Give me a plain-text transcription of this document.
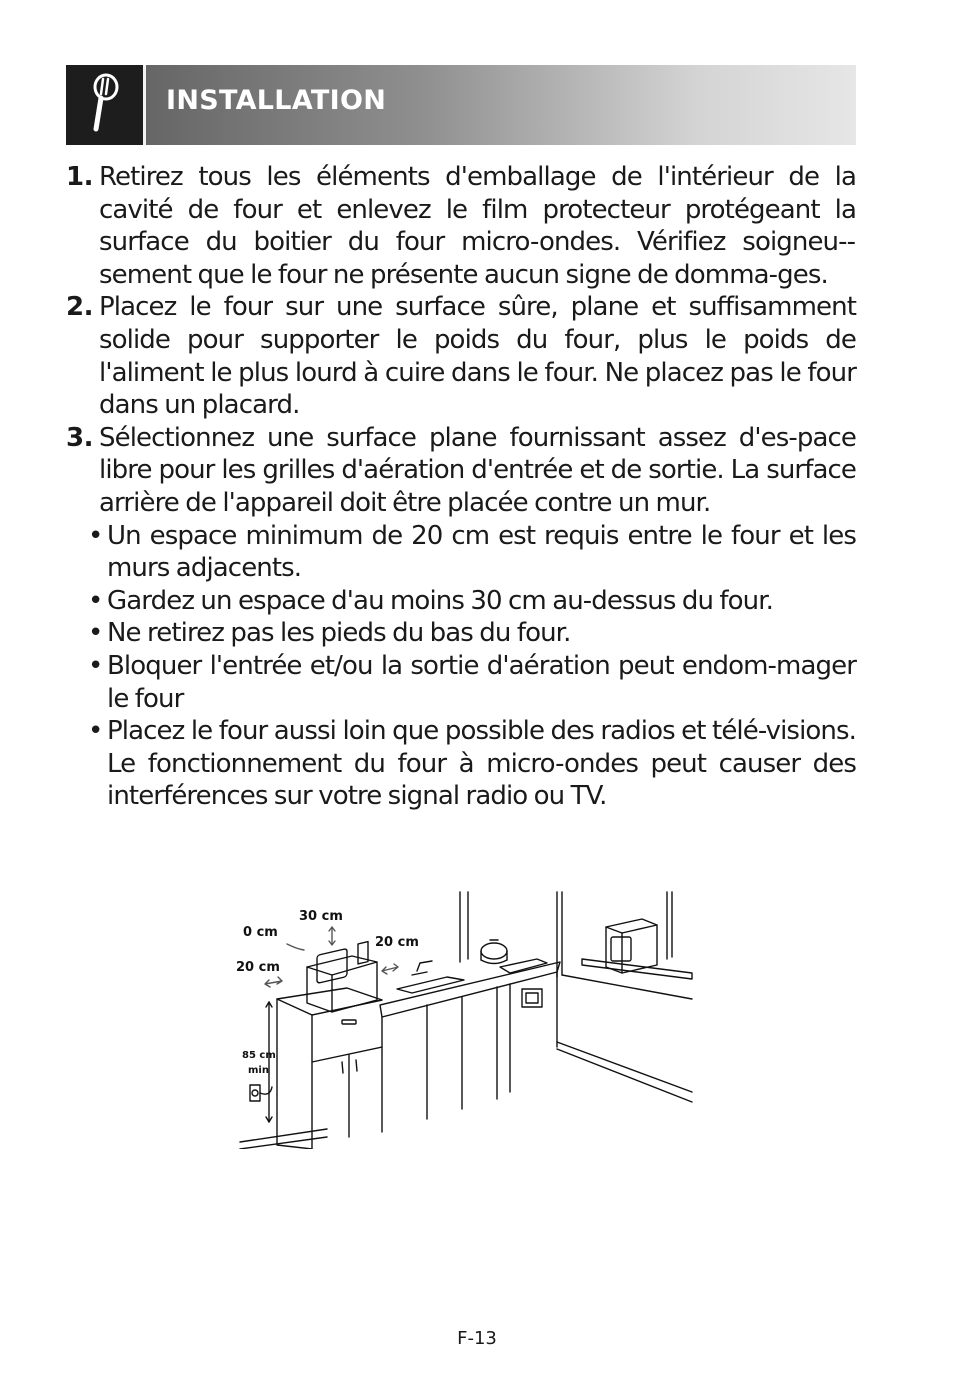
INSTALLATION
1. Retirez tous les éléments d'emballage de l'intérieur de la cavité de four et enlevez le film protecteur protégeant la surface du boitier du four micro-ondes. Vérifiez soigneu-sement que le four ne présente aucun signe de domma-ges.
2. Placez le four sur une surface sûre, plane et suffisamment solide pour supporter le poids du four, plus le poids de l'aliment le plus lourd à cuire dans le four. Ne placez pas le four dans un placard.
3. Sélectionnez une surface plane fournissant assez d'es-pace libre pour les grilles d'aération d'entrée et de sortie. La surface arrière de l'appareil doit être placée contre un mur.
• Un espace minimum de 20 cm est requis entre le four et les murs adjacents.
• Gardez un espace d'au moins 30 cm au-dessus du four.
• Ne retirez pas les pieds du bas du four.
• Bloquer l'entrée et/ou la sortie d'aération peut endom-mager le four
• Placez le four aussi loin que possible des radios et télé-visions. Le fonctionnement du four à micro-ondes peut causer des interférences sur votre signal radio ou TV.
30 cm
0 cm
20 cm
20 cm
85 cm
min
F-13
